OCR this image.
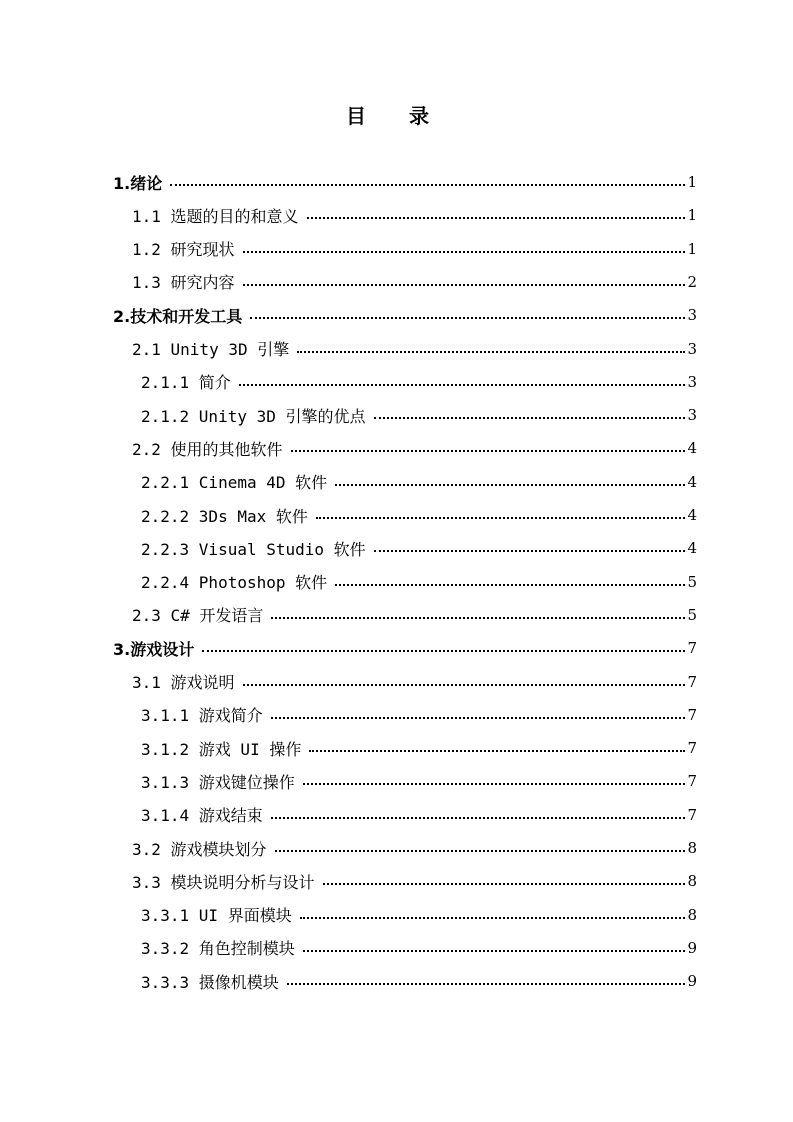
目 录
1.绪论	1
1.1 选题的目的和意义	1
1.2 研究现状	1
1.3 研究内容	2
2.技术和开发工具	3
2.1 Unity 3D 引擎	3
2.1.1 简介	3
2.1.2 Unity 3D 引擎的优点	3
2.2 使用的其他软件	4
2.2.1 Cinema 4D 软件	4
2.2.2 3Ds Max 软件	4
2.2.3 Visual Studio 软件	4
2.2.4 Photoshop 软件	5
2.3 C# 开发语言	5
3.游戏设计	7
3.1 游戏说明	7
3.1.1 游戏简介	7
3.1.2 游戏 UI 操作	7
3.1.3 游戏键位操作	7
3.1.4 游戏结束	7
3.2 游戏模块划分	8
3.3 模块说明分析与设计	8
3.3.1 UI 界面模块	8
3.3.2 角色控制模块	9
3.3.3 摄像机模块	9
